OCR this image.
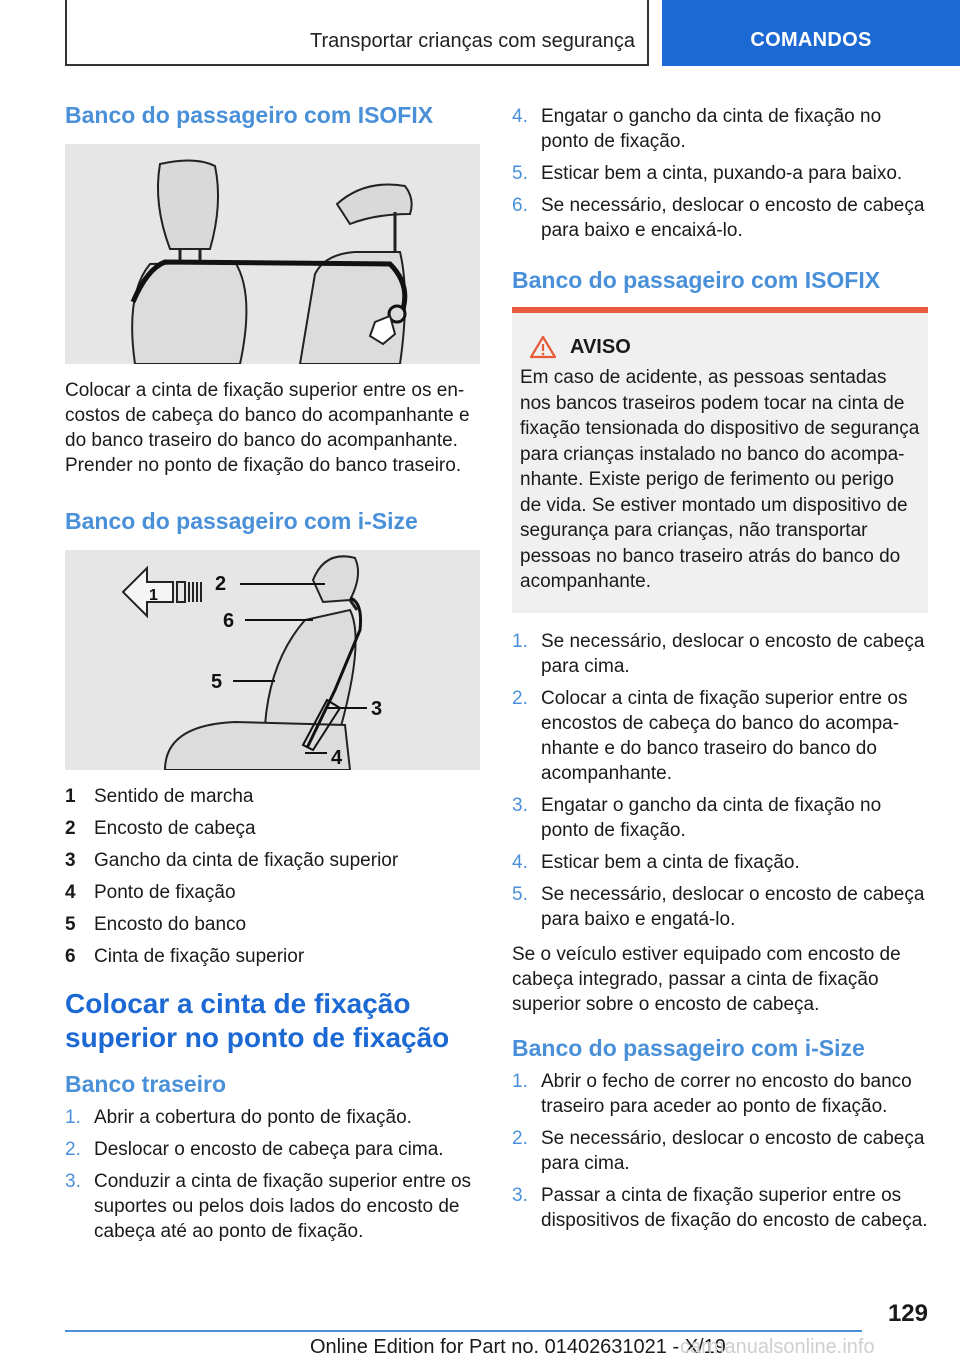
Transportar crianças com segurança	COMANDOS
Banco do passageiro com ISOFIX

Colocar a cinta de fixação superior entre os encostos de cabeça do banco do acompanhante e do banco traseiro do banco do acompanhante. Prender no ponto de fixação do banco traseiro.

Banco do passageiro com i-Size
1
2
6
5
3
4
1 Sentido de marcha
2 Encosto de cabeça
3 Gancho da cinta de fixação superior
4 Ponto de fixação
5 Encosto do banco
6 Cinta de fixação superior
Colocar a cinta de fixação superior no ponto de fixação
Banco traseiro
1. Abrir a cobertura do ponto de fixação.
2. Deslocar o encosto de cabeça para cima.
3. Conduzir a cinta de fixação superior entre os suportes ou pelos dois lados do encosto de cabeça até ao ponto de fixação.
4. Engatar o gancho da cinta de fixação no ponto de fixação.
5. Esticar bem a cinta, puxando-a para baixo.
6. Se necessário, deslocar o encosto de cabeça para baixo e encaixá-lo.
Banco do passageiro com ISOFIX
AVISO

Em caso de acidente, as pessoas sentadas nos bancos traseiros podem tocar na cinta de fixação tensionada do dispositivo de segurança para crianças instalado no banco do acompanhante. Existe perigo de ferimento ou perigo de vida. Se estiver montado um dispositivo de segurança para crianças, não transportar pessoas no banco traseiro atrás do banco do acompanhante.

1. Se necessário, deslocar o encosto de cabeça para cima.
2. Colocar a cinta de fixação superior entre os encostos de cabeça do banco do acompanhante e do banco traseiro do banco do acompanhante.
3. Engatar o gancho da cinta de fixação no ponto de fixação.
4. Esticar bem a cinta de fixação.
5. Se necessário, deslocar o encosto de cabeça para baixo e engatá-lo.

Se o veículo estiver equipado com encosto de cabeça integrado, passar a cinta de fixação superior sobre o encosto de cabeça.

Banco do passageiro com i-Size
1. Abrir o fecho de correr no encosto do banco traseiro para aceder ao ponto de fixação.
2. Se necessário, deslocar o encosto de cabeça para cima.
3. Passar a cinta de fixação superior entre os dispositivos de fixação do encosto de cabeça.
129
Online Edition for Part no. 01402631021 - X/19
carmanualsonline.info
